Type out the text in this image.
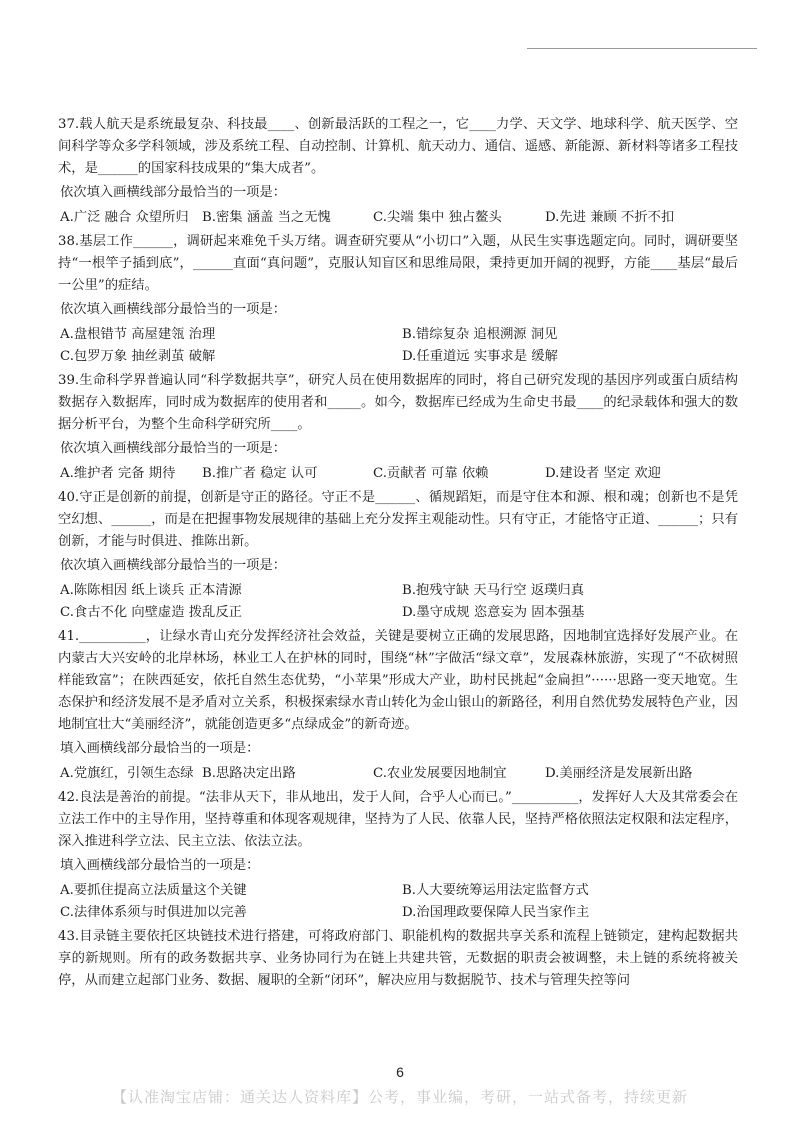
37.载人航天是系统最复杂、科技最____、创新最活跃的工程之一，它____力学、天文学、地球科学、航天医学、空间科学等众多学科领域，涉及系统工程、自动控制、计算机、航天动力、通信、遥感、新能源、新材料等诸多工程技术，是______的国家科技成果的“集大成者”。
依次填入画横线部分最恰当的一项是：
A.广泛 融合 众望所归	B.密集 涵盖 当之无愧	C.尖端 集中 独占鳌头	D.先进 兼顾 不折不扣
38.基层工作______，调研起来难免千头万绪。调查研究要从“小切口”入题，从民生实事选题定向。同时，调研要坚持“一根竿子插到底”，______直面“真问题”，克服认知盲区和思维局限，秉持更加开阔的视野，方能____基层“最后一公里”的症结。
依次填入画横线部分最恰当的一项是：
A.盘根错节 高屋建瓴 治理	B.错综复杂 追根溯源 洞见
C.包罗万象 抽丝剥茧 破解	D.任重道远 实事求是 缓解
39.生命科学界普遍认同“科学数据共享”，研究人员在使用数据库的同时，将自己研究发现的基因序列或蛋白质结构数据存入数据库，同时成为数据库的使用者和_____。如今，数据库已经成为生命史书最____的纪录载体和强大的数据分析平台，为整个生命科学研究所____。
依次填入画横线部分最恰当的一项是：
A.维护者 完备 期待	B.推广者 稳定 认可	C.贡献者 可靠 依赖	D.建设者 坚定 欢迎
40.守正是创新的前提，创新是守正的路径。守正不是______、循规蹈矩，而是守住本和源、根和魂；创新也不是凭空幻想、______，而是在把握事物发展规律的基础上充分发挥主观能动性。只有守正，才能恪守正道、______；只有创新，才能与时俱进、推陈出新。
依次填入画横线部分最恰当的一项是：
A.陈陈相因 纸上谈兵 正本清源	B.抱残守缺 天马行空 返璞归真
C.食古不化 向壁虚造 拨乱反正	D.墨守成规 恣意妄为 固本强基
41.__________，让绿水青山充分发挥经济社会效益，关键是要树立正确的发展思路，因地制宜选择好发展产业。在内蒙古大兴安岭的北岸林场，林业工人在护林的同时，围绕“林”字做活“绿文章”，发展森林旅游，实现了“不砍树照样能致富”；在陕西延安，依托自然生态优势，“小苹果”形成大产业，助村民挑起“金扁担”······思路一变天地宽。生态保护和经济发展不是矛盾对立关系，积极探索绿水青山转化为金山银山的新路径，利用自然优势发展特色产业，因地制宜壮大“美丽经济”，就能创造更多“点绿成金”的新奇迹。
填入画横线部分最恰当的一项是：
A.党旗红，引领生态绿 B.思路决定出路	C.农业发展要因地制宜	D.美丽经济是发展新出路
42.良法是善治的前提。“法非从天下，非从地出，发于人间，合乎人心而已。”__________，发挥好人大及其常委会在立法工作中的主导作用，坚持尊重和体现客观规律，坚持为了人民、依靠人民，坚持严格依照法定权限和法定程序，深入推进科学立法、民主立法、依法立法。
填入画横线部分最恰当的一项是：
A.要抓住提高立法质量这个关键	B.人大要统筹运用法定监督方式
C.法律体系须与时俱进加以完善	D.治国理政要保障人民当家作主
43.目录链主要依托区块链技术进行搭建，可将政府部门、职能机构的数据共享关系和流程上链锁定，建构起数据共享的新规则。所有的政务数据共享、业务协同行为在链上共建共管，无数据的职责会被调整，未上链的系统将被关停，从而建立起部门业务、数据、履职的全新“闭环”，解决应用与数据脱节、技术与管理失控等问
6
【认准淘宝店铺：通关达人资料库】公考，事业编，考研，一站式备考，持续更新
